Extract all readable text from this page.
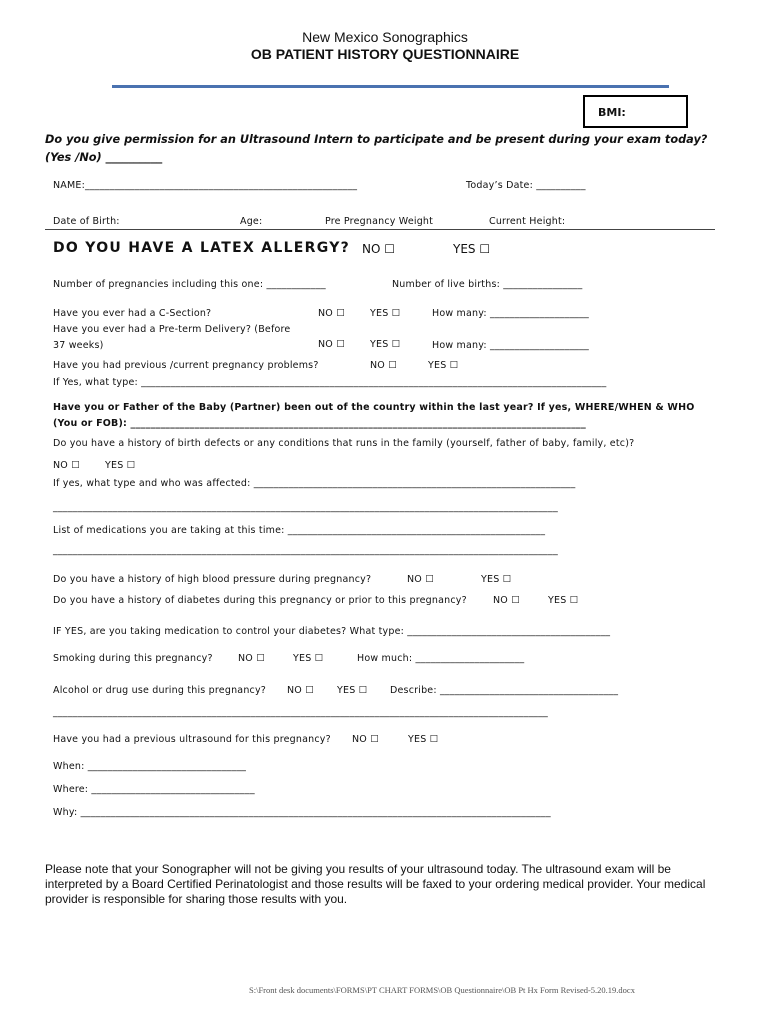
New Mexico Sonographics
OB PATIENT HISTORY QUESTIONNAIRE
BMI:
Do you give permission for an Ultrasound Intern to participate and be present during your exam today?
(Yes /No) __________
NAME:_______________________________________________________	Today’s Date: __________
Date of Birth:	Age:	Pre Pregnancy Weight	Current Height:
DO YOU HAVE A LATEX ALLERGY? NO ☐	YES ☐
Number of pregnancies including this one: ____________	Number of live births: ________________
Have you ever had a C-Section?	NO ☐	YES ☐	How many: ____________________
Have you ever had a Pre-term Delivery? (Before
37 weeks)	NO ☐	YES ☐	How many: ____________________
Have you had previous /current pregnancy problems?	NO ☐	YES ☐
If Yes, what type: ______________________________________________________________________________________________
Have you or Father of the Baby (Partner) been out of the country within the last year? If yes, WHERE/WHEN & WHO
(You or FOB): ____________________________________________________________________________________________
Do you have a history of birth defects or any conditions that runs in the family (yourself, father of baby, family, etc)?
NO ☐	YES ☐
If yes, what type and who was affected: _________________________________________________________________
______________________________________________________________________________________________________
List of medications you are taking at this time: ____________________________________________________
______________________________________________________________________________________________________
Do you have a history of high blood pressure during pregnancy?	NO ☐	YES ☐
Do you have a history of diabetes during this pregnancy or prior to this pregnancy?	NO ☐	YES ☐
IF YES, are you taking medication to control your diabetes? What type: _________________________________________
Smoking during this pregnancy?	NO ☐	YES ☐	How much: ______________________
Alcohol or drug use during this pregnancy? NO ☐ YES ☐ Describe: ____________________________________
____________________________________________________________________________________________________
Have you had a previous ultrasound for this pregnancy? NO ☐	YES ☐
When: ________________________________
Where: _________________________________
Why: _______________________________________________________________________________________________
Please note that your Sonographer will not be giving you results of your ultrasound today. The ultrasound exam will be interpreted by a Board Certified Perinatologist and those results will be faxed to your ordering medical provider. Your medical provider is responsible for sharing those results with you.
S:\Front desk documents\FORMS\PT CHART FORMS\OB Questionnaire\OB Pt Hx Form Revised-5.20.19.docx
